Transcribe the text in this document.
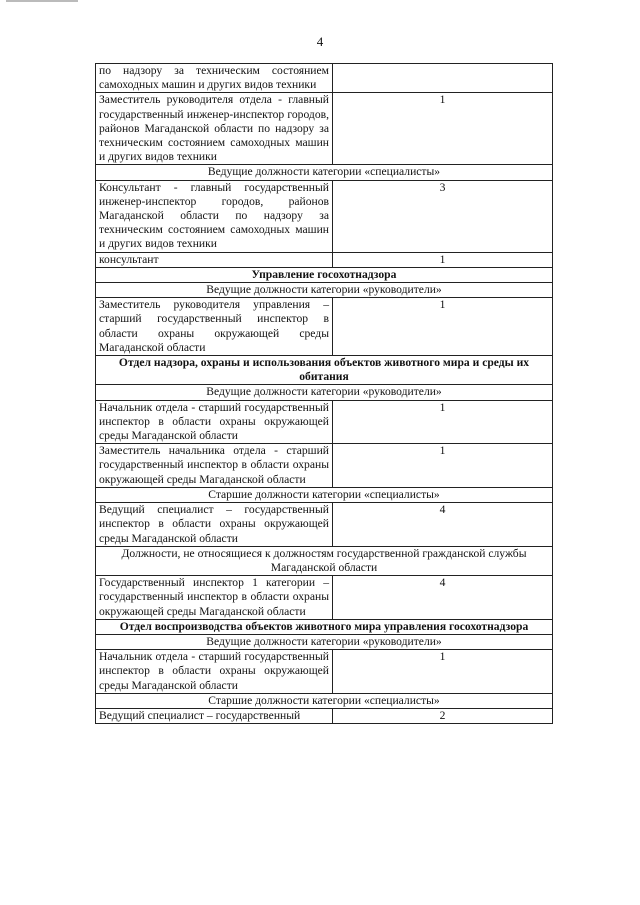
4
по надзору за техническим состоянием самоходных машин и других видов техники	
Заместитель руководителя отдела - главный государственный инженер-инспектор городов, районов Магаданской области по надзору за техническим состоянием самоходных машин и других видов техники	1
Ведущие должности категории «специалисты»	
Консультант - главный государственный инженер-инспектор городов, районов Магаданской области по надзору за техническим состоянием самоходных машин и других видов техники	3
консультант	1
Управление госохотнадзора	
Ведущие должности категории «руководители»	
Заместитель руководителя управления – старший государственный инспектор в области охраны окружающей среды Магаданской области	1
Отдел надзора, охраны и использования объектов животного мира и среды их обитания	
Ведущие должности категории «руководители»	
Начальник отдела - старший государственный инспектор в области охраны окружающей среды Магаданской области	1
Заместитель начальника отдела - старший государственный инспектор в области охраны окружающей среды Магаданской области	1
Старшие должности категории «специалисты»	
Ведущий специалист – государственный инспектор в области охраны окружающей среды Магаданской области	4
Должности, не относящиеся к должностям государственной гражданской службы Магаданской области	
Государственный инспектор 1 категории – государственный инспектор в области охраны окружающей среды Магаданской области	4
Отдел воспроизводства объектов животного мира управления госохотнадзора	
Ведущие должности категории «руководители»	
Начальник отдела - старший государственный инспектор в области охраны окружающей среды Магаданской области	1
Старшие должности категории «специалисты»	
Ведущий специалист – государственный	2
